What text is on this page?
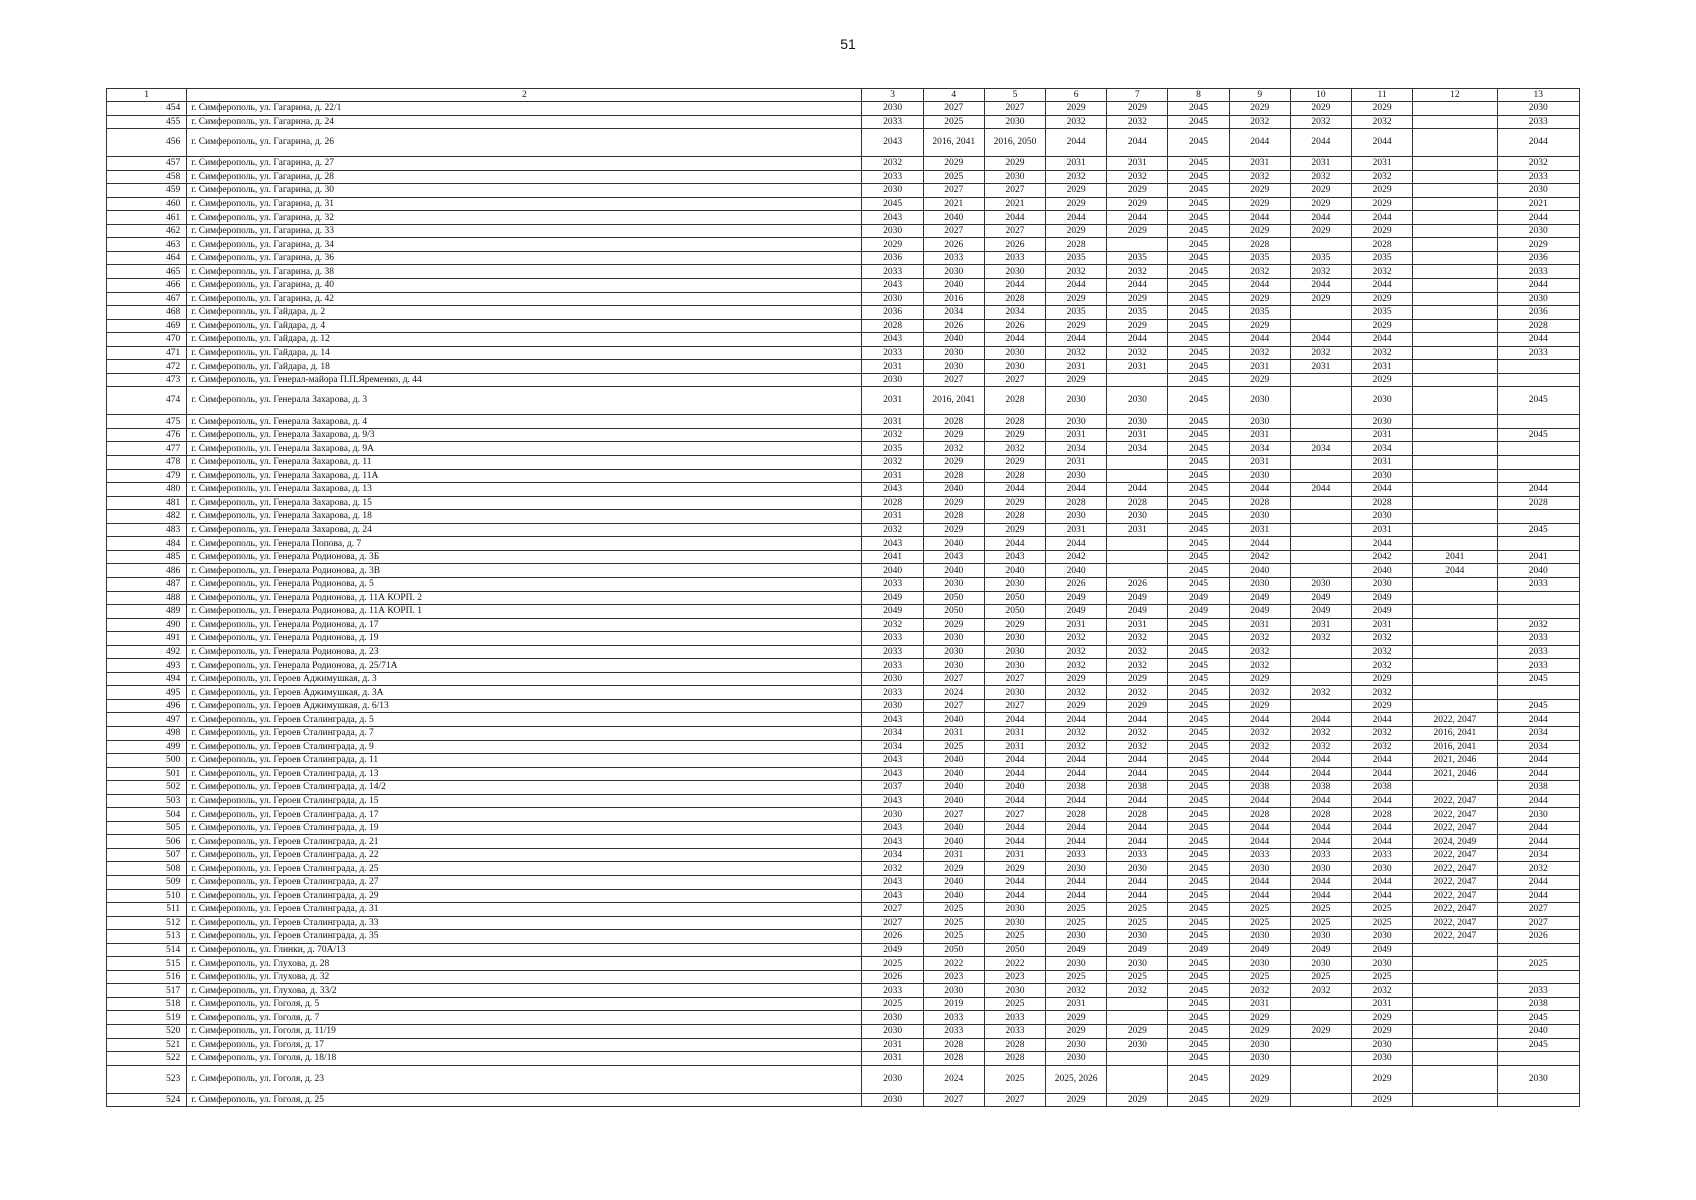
51
1	2	3	4	5	6	7	8	9	10	11	12	13
454	г. Симферополь, ул. Гагарина, д. 22/1	2030	2027	2027	2029	2029	2045	2029	2029	2029		2030
455	г. Симферополь, ул. Гагарина, д. 24	2033	2025	2030	2032	2032	2045	2032	2032	2032		2033
456	г. Симферополь, ул. Гагарина, д. 26	2043	2016, 2041	2016, 2050	2044	2044	2045	2044	2044	2044		2044
457	г. Симферополь, ул. Гагарина, д. 27	2032	2029	2029	2031	2031	2045	2031	2031	2031		2032
458	г. Симферополь, ул. Гагарина, д. 28	2033	2025	2030	2032	2032	2045	2032	2032	2032		2033
459	г. Симферополь, ул. Гагарина, д. 30	2030	2027	2027	2029	2029	2045	2029	2029	2029		2030
460	г. Симферополь, ул. Гагарина, д. 31	2045	2021	2021	2029	2029	2045	2029	2029	2029		2021
461	г. Симферополь, ул. Гагарина, д. 32	2043	2040	2044	2044	2044	2045	2044	2044	2044		2044
462	г. Симферополь, ул. Гагарина, д. 33	2030	2027	2027	2029	2029	2045	2029	2029	2029		2030
463	г. Симферополь, ул. Гагарина, д. 34	2029	2026	2026	2028		2045	2028		2028		2029
464	г. Симферополь, ул. Гагарина, д. 36	2036	2033	2033	2035	2035	2045	2035	2035	2035		2036
465	г. Симферополь, ул. Гагарина, д. 38	2033	2030	2030	2032	2032	2045	2032	2032	2032		2033
466	г. Симферополь, ул. Гагарина, д. 40	2043	2040	2044	2044	2044	2045	2044	2044	2044		2044
467	г. Симферополь, ул. Гагарина, д. 42	2030	2016	2028	2029	2029	2045	2029	2029	2029		2030
468	г. Симферополь, ул. Гайдара, д. 2	2036	2034	2034	2035	2035	2045	2035		2035		2036
469	г. Симферополь, ул. Гайдара, д. 4	2028	2026	2026	2029	2029	2045	2029		2029		2028
470	г. Симферополь, ул. Гайдара, д. 12	2043	2040	2044	2044	2044	2045	2044	2044	2044		2044
471	г. Симферополь, ул. Гайдара, д. 14	2033	2030	2030	2032	2032	2045	2032	2032	2032		2033
472	г. Симферополь, ул. Гайдара, д. 18	2031	2030	2030	2031	2031	2045	2031	2031	2031		
473	г. Симферополь, ул. Генерал-майора П.П.Яременко, д. 44	2030	2027	2027	2029		2045	2029		2029		
474	г. Симферополь, ул. Генерала Захарова, д. 3	2031	2016, 2041	2028	2030	2030	2045	2030		2030		2045
475	г. Симферополь, ул. Генерала Захарова, д. 4	2031	2028	2028	2030	2030	2045	2030		2030		
476	г. Симферополь, ул. Генерала Захарова, д. 9/3	2032	2029	2029	2031	2031	2045	2031		2031		2045
477	г. Симферополь, ул. Генерала Захарова, д. 9А	2035	2032	2032	2034	2034	2045	2034	2034	2034		
478	г. Симферополь, ул. Генерала Захарова, д. 11	2032	2029	2029	2031		2045	2031		2031		
479	г. Симферополь, ул. Генерала Захарова, д. 11А	2031	2028	2028	2030		2045	2030		2030		
480	г. Симферополь, ул. Генерала Захарова, д. 13	2043	2040	2044	2044	2044	2045	2044	2044	2044		2044
481	г. Симферополь, ул. Генерала Захарова, д. 15	2028	2029	2029	2028	2028	2045	2028		2028		2028
482	г. Симферополь, ул. Генерала Захарова, д. 18	2031	2028	2028	2030	2030	2045	2030		2030		
483	г. Симферополь, ул. Генерала Захарова, д. 24	2032	2029	2029	2031	2031	2045	2031		2031		2045
484	г. Симферополь, ул. Генерала Попова, д. 7	2043	2040	2044	2044		2045	2044		2044		
485	г. Симферополь, ул. Генерала Родионова, д. 3Б	2041	2043	2043	2042		2045	2042		2042	2041	2041
486	г. Симферополь, ул. Генерала Родионова, д. 3В	2040	2040	2040	2040		2045	2040		2040	2044	2040
487	г. Симферополь, ул. Генерала Родионова, д. 5	2033	2030	2030	2026	2026	2045	2030	2030	2030		2033
488	г. Симферополь, ул. Генерала Родионова, д. 11А КОРП. 2	2049	2050	2050	2049	2049	2049	2049	2049	2049		
489	г. Симферополь, ул. Генерала Родионова, д. 11А КОРП. 1	2049	2050	2050	2049	2049	2049	2049	2049	2049		
490	г. Симферополь, ул. Генерала Родионова, д. 17	2032	2029	2029	2031	2031	2045	2031	2031	2031		2032
491	г. Симферополь, ул. Генерала Родионова, д. 19	2033	2030	2030	2032	2032	2045	2032	2032	2032		2033
492	г. Симферополь, ул. Генерала Родионова, д. 23	2033	2030	2030	2032	2032	2045	2032		2032		2033
493	г. Симферополь, ул. Генерала Родионова, д. 25/71А	2033	2030	2030	2032	2032	2045	2032		2032		2033
494	г. Симферополь, ул. Героев Аджимушкая, д. 3	2030	2027	2027	2029	2029	2045	2029		2029		2045
495	г. Симферополь, ул. Героев Аджимушкая, д. 3А	2033	2024	2030	2032	2032	2045	2032	2032	2032		
496	г. Симферополь, ул. Героев Аджимушкая, д. 6/13	2030	2027	2027	2029	2029	2045	2029		2029		2045
497	г. Симферополь, ул. Героев Сталинграда, д. 5	2043	2040	2044	2044	2044	2045	2044	2044	2044	2022, 2047	2044
498	г. Симферополь, ул. Героев Сталинграда, д. 7	2034	2031	2031	2032	2032	2045	2032	2032	2032	2016, 2041	2034
499	г. Симферополь, ул. Героев Сталинграда, д. 9	2034	2025	2031	2032	2032	2045	2032	2032	2032	2016, 2041	2034
500	г. Симферополь, ул. Героев Сталинграда, д. 11	2043	2040	2044	2044	2044	2045	2044	2044	2044	2021, 2046	2044
501	г. Симферополь, ул. Героев Сталинграда, д. 13	2043	2040	2044	2044	2044	2045	2044	2044	2044	2021, 2046	2044
502	г. Симферополь, ул. Героев Сталинграда, д. 14/2	2037	2040	2040	2038	2038	2045	2038	2038	2038		2038
503	г. Симферополь, ул. Героев Сталинграда, д. 15	2043	2040	2044	2044	2044	2045	2044	2044	2044	2022, 2047	2044
504	г. Симферополь, ул. Героев Сталинграда, д. 17	2030	2027	2027	2028	2028	2045	2028	2028	2028	2022, 2047	2030
505	г. Симферополь, ул. Героев Сталинграда, д. 19	2043	2040	2044	2044	2044	2045	2044	2044	2044	2022, 2047	2044
506	г. Симферополь, ул. Героев Сталинграда, д. 21	2043	2040	2044	2044	2044	2045	2044	2044	2044	2024, 2049	2044
507	г. Симферополь, ул. Героев Сталинграда, д. 22	2034	2031	2031	2033	2033	2045	2033	2033	2033	2022, 2047	2034
508	г. Симферополь, ул. Героев Сталинграда, д. 25	2032	2029	2029	2030	2030	2045	2030	2030	2030	2022, 2047	2032
509	г. Симферополь, ул. Героев Сталинграда, д. 27	2043	2040	2044	2044	2044	2045	2044	2044	2044	2022, 2047	2044
510	г. Симферополь, ул. Героев Сталинграда, д. 29	2043	2040	2044	2044	2044	2045	2044	2044	2044	2022, 2047	2044
511	г. Симферополь, ул. Героев Сталинграда, д. 31	2027	2025	2030	2025	2025	2045	2025	2025	2025	2022, 2047	2027
512	г. Симферополь, ул. Героев Сталинграда, д. 33	2027	2025	2030	2025	2025	2045	2025	2025	2025	2022, 2047	2027
513	г. Симферополь, ул. Героев Сталинграда, д. 35	2026	2025	2025	2030	2030	2045	2030	2030	2030	2022, 2047	2026
514	г. Симферополь, ул. Глинки, д. 70А/13	2049	2050	2050	2049	2049	2049	2049	2049	2049		
515	г. Симферополь, ул. Глухова, д. 28	2025	2022	2022	2030	2030	2045	2030	2030	2030		2025
516	г. Симферополь, ул. Глухова, д. 32	2026	2023	2023	2025	2025	2045	2025	2025	2025		
517	г. Симферополь, ул. Глухова, д. 33/2	2033	2030	2030	2032	2032	2045	2032	2032	2032		2033
518	г. Симферополь, ул. Гоголя, д. 5	2025	2019	2025	2031		2045	2031		2031		2038
519	г. Симферополь, ул. Гоголя, д. 7	2030	2033	2033	2029		2045	2029		2029		2045
520	г. Симферополь, ул. Гоголя, д. 11/19	2030	2033	2033	2029	2029	2045	2029	2029	2029		2040
521	г. Симферополь, ул. Гоголя, д. 17	2031	2028	2028	2030	2030	2045	2030		2030		2045
522	г. Симферополь, ул. Гоголя, д. 18/18	2031	2028	2028	2030		2045	2030		2030		
523	г. Симферополь, ул. Гоголя, д. 23	2030	2024	2025	2025, 2026		2045	2029		2029		2030
524	г. Симферополь, ул. Гоголя, д. 25	2030	2027	2027	2029	2029	2045	2029		2029		
